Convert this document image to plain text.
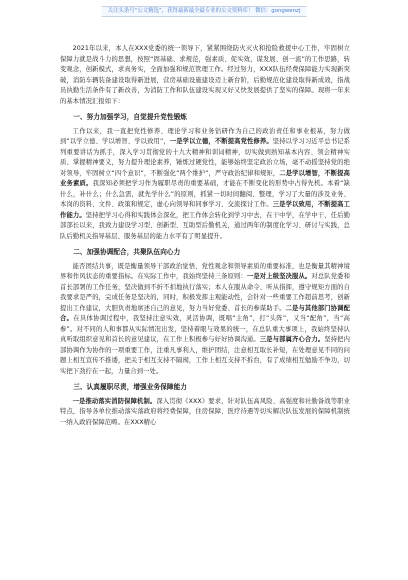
关注头条号“公文精选”，获得最新最全最专业的公文资料库！ 微信：gongwenzj

2021年以来，本人在XXX党委的统一领导下，紧紧围绕防火灭火和抢险救援中心工作，牢固树立保障力就是战斗力的思想，按照“固基础、求规范，强素质、促实效，谋发展、创一流”的工作思路，转变观念，创新模式，求真务实，全面加强和规范管理工作。经过努力，XXX队伍经费保障能力实现新突破，消防车辆装备建设取得新进展，营房基础设施建设迈上新台阶，后勤规范化建设取得新成效，指战员执勤生活条件有了新改善，为消防工作和队伍建设实现又好又快发展提供了坚实的保障。现将一年来的基本情况汇报如下：

一、努力加强学习，自觉提升党性锻炼

工作以来，我一直把党性修养、理论学习和业务钻研作为自己的政治责任和事业根基，努力做到“以学立德、学以增智、学以致用”，一是学以立德，不断提高党性修养。坚持以学习习近平总书记系列重要讲话为抓手，深入学习贯彻党的十九大精神和训词精神，切实做到熟知基本内容、领会精神实质、掌握精神要义，努力提升理论素养，锤炼过硬党性，能够始终坚定政治立场，毫不动摇坚持党的绝对领导，牢固树立“四个意识”，不断强化“两个维护”，严守政治纪律和规矩，二是学以增智，不断提高业务素质。我深知必须把学习作为履职尽责的重要基础，才能在不断变化的形势中占得先机。本着“缺什么，补什么；什么急需，就先学什么”的原则，抓紧一切时间翻阅、整理，学习了大量的涉及业务、本岗的资料、文件、政策和规定，虚心向领导和同事学习、交流探讨工作。三是学以致用，不断提高工作能力。坚持把学习心得和实践体会深化，把工作体会转化到学习中去，在干中学，在学中干，任后勤部部长以来，我致力建设学习型、创新型、互助型后勤机关，通过两年的制度化学习、研讨与实践，总队后勤机关指导基层、服务基层的能力水平有了明显提升。

二、加强协调配合，共聚队伍向心力

能否团结共事，既是衡量领导干部政治觉悟、党性观念和领导素质的重要标准，也是衡量其精神境界和作风状态的重要指标。在实际工作中，我始终坚持三条原则：一是对上级坚决服从。对总队党委和首长部署的工作任务，坚决做到不折不扣地执行落实；本人在服从命令、听从指挥，遵守规矩方面的自我要求是严的，完成任务是坚决的，同时，积极发挥主观能动性，会针对一些重要工作超前思考，创新提出工作建议，大胆负责地席述自己的意见，努力当好党委、首长的参谋助手。二是与其他部门协调配合。在具体协调过程中，我坚持注意实效，灵活协调，既唱“主角”，打“头阵”，又当“配角”，当“高参”。对不同的人和事都从实际情况出发，坚持着眼与效果的统一，在总队重大事项上，我始终坚持认真听取组织意见和首长的意见建议，在工作上积极参与好好协调沟通。三是与部属齐心合力。坚持把内部协调作为协作的一项重要工作，注重凡事利人，维护团结，注意相互取长补短，在处理意见不同的问题上相互宣传不推诿，把关于相互支持不隔阂，工作上相互支持不拆台，有了成绩相互勉励不争功，切实把下劲拧在一起，力量合到一处。

三、认真履职尽责，增强业务保障能力

一是推动落实消防保障机制。深入贯彻《XXX》要求，针对队伍高风险、高强度和社勤备战等职业特点，指导各单位推动落实落政府将经费保障，住房保障、医疗待遇等切实解决队伍发展的保障机制统一纳入政府保障范畴。在XXX精心
